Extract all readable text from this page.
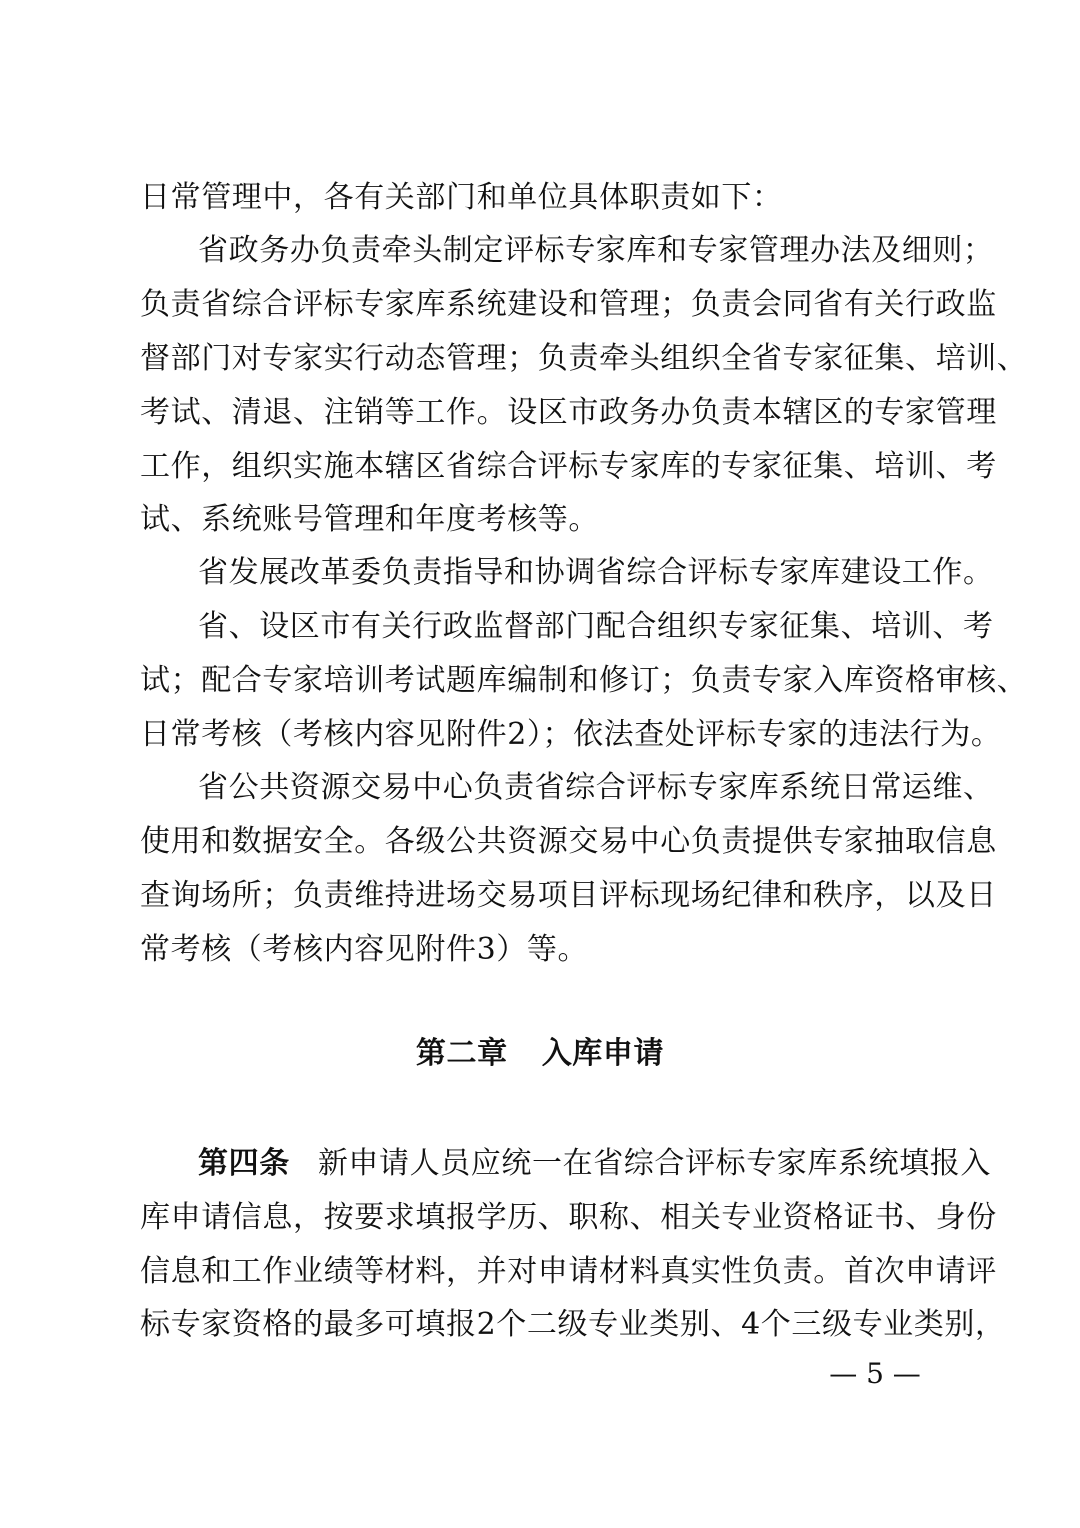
日常管理中，各有关部门和单位具体职责如下：
省政务办负责牵头制定评标专家库和专家管理办法及细则；
负责省综合评标专家库系统建设和管理；负责会同省有关行政监
督部门对专家实行动态管理；负责牵头组织全省专家征集、培训、
考试、清退、注销等工作。设区市政务办负责本辖区的专家管理
工作，组织实施本辖区省综合评标专家库的专家征集、培训、考
试、系统账号管理和年度考核等。
省发展改革委负责指导和协调省综合评标专家库建设工作。
省、设区市有关行政监督部门配合组织专家征集、培训、考
试；配合专家培训考试题库编制和修订；负责专家入库资格审核、
日常考核（考核内容见附件2）；依法查处评标专家的违法行为。
省公共资源交易中心负责省综合评标专家库系统日常运维、
使用和数据安全。各级公共资源交易中心负责提供专家抽取信息
查询场所；负责维持进场交易项目评标现场纪律和秩序，以及日
常考核（考核内容见附件3）等。
第二章 入库申请
第四条 新申请人员应统一在省综合评标专家库系统填报入
库申请信息，按要求填报学历、职称、相关专业资格证书、身份
信息和工作业绩等材料，并对申请材料真实性负责。首次申请评
标专家资格的最多可填报2个二级专业类别、4个三级专业类别，
— 5 —
